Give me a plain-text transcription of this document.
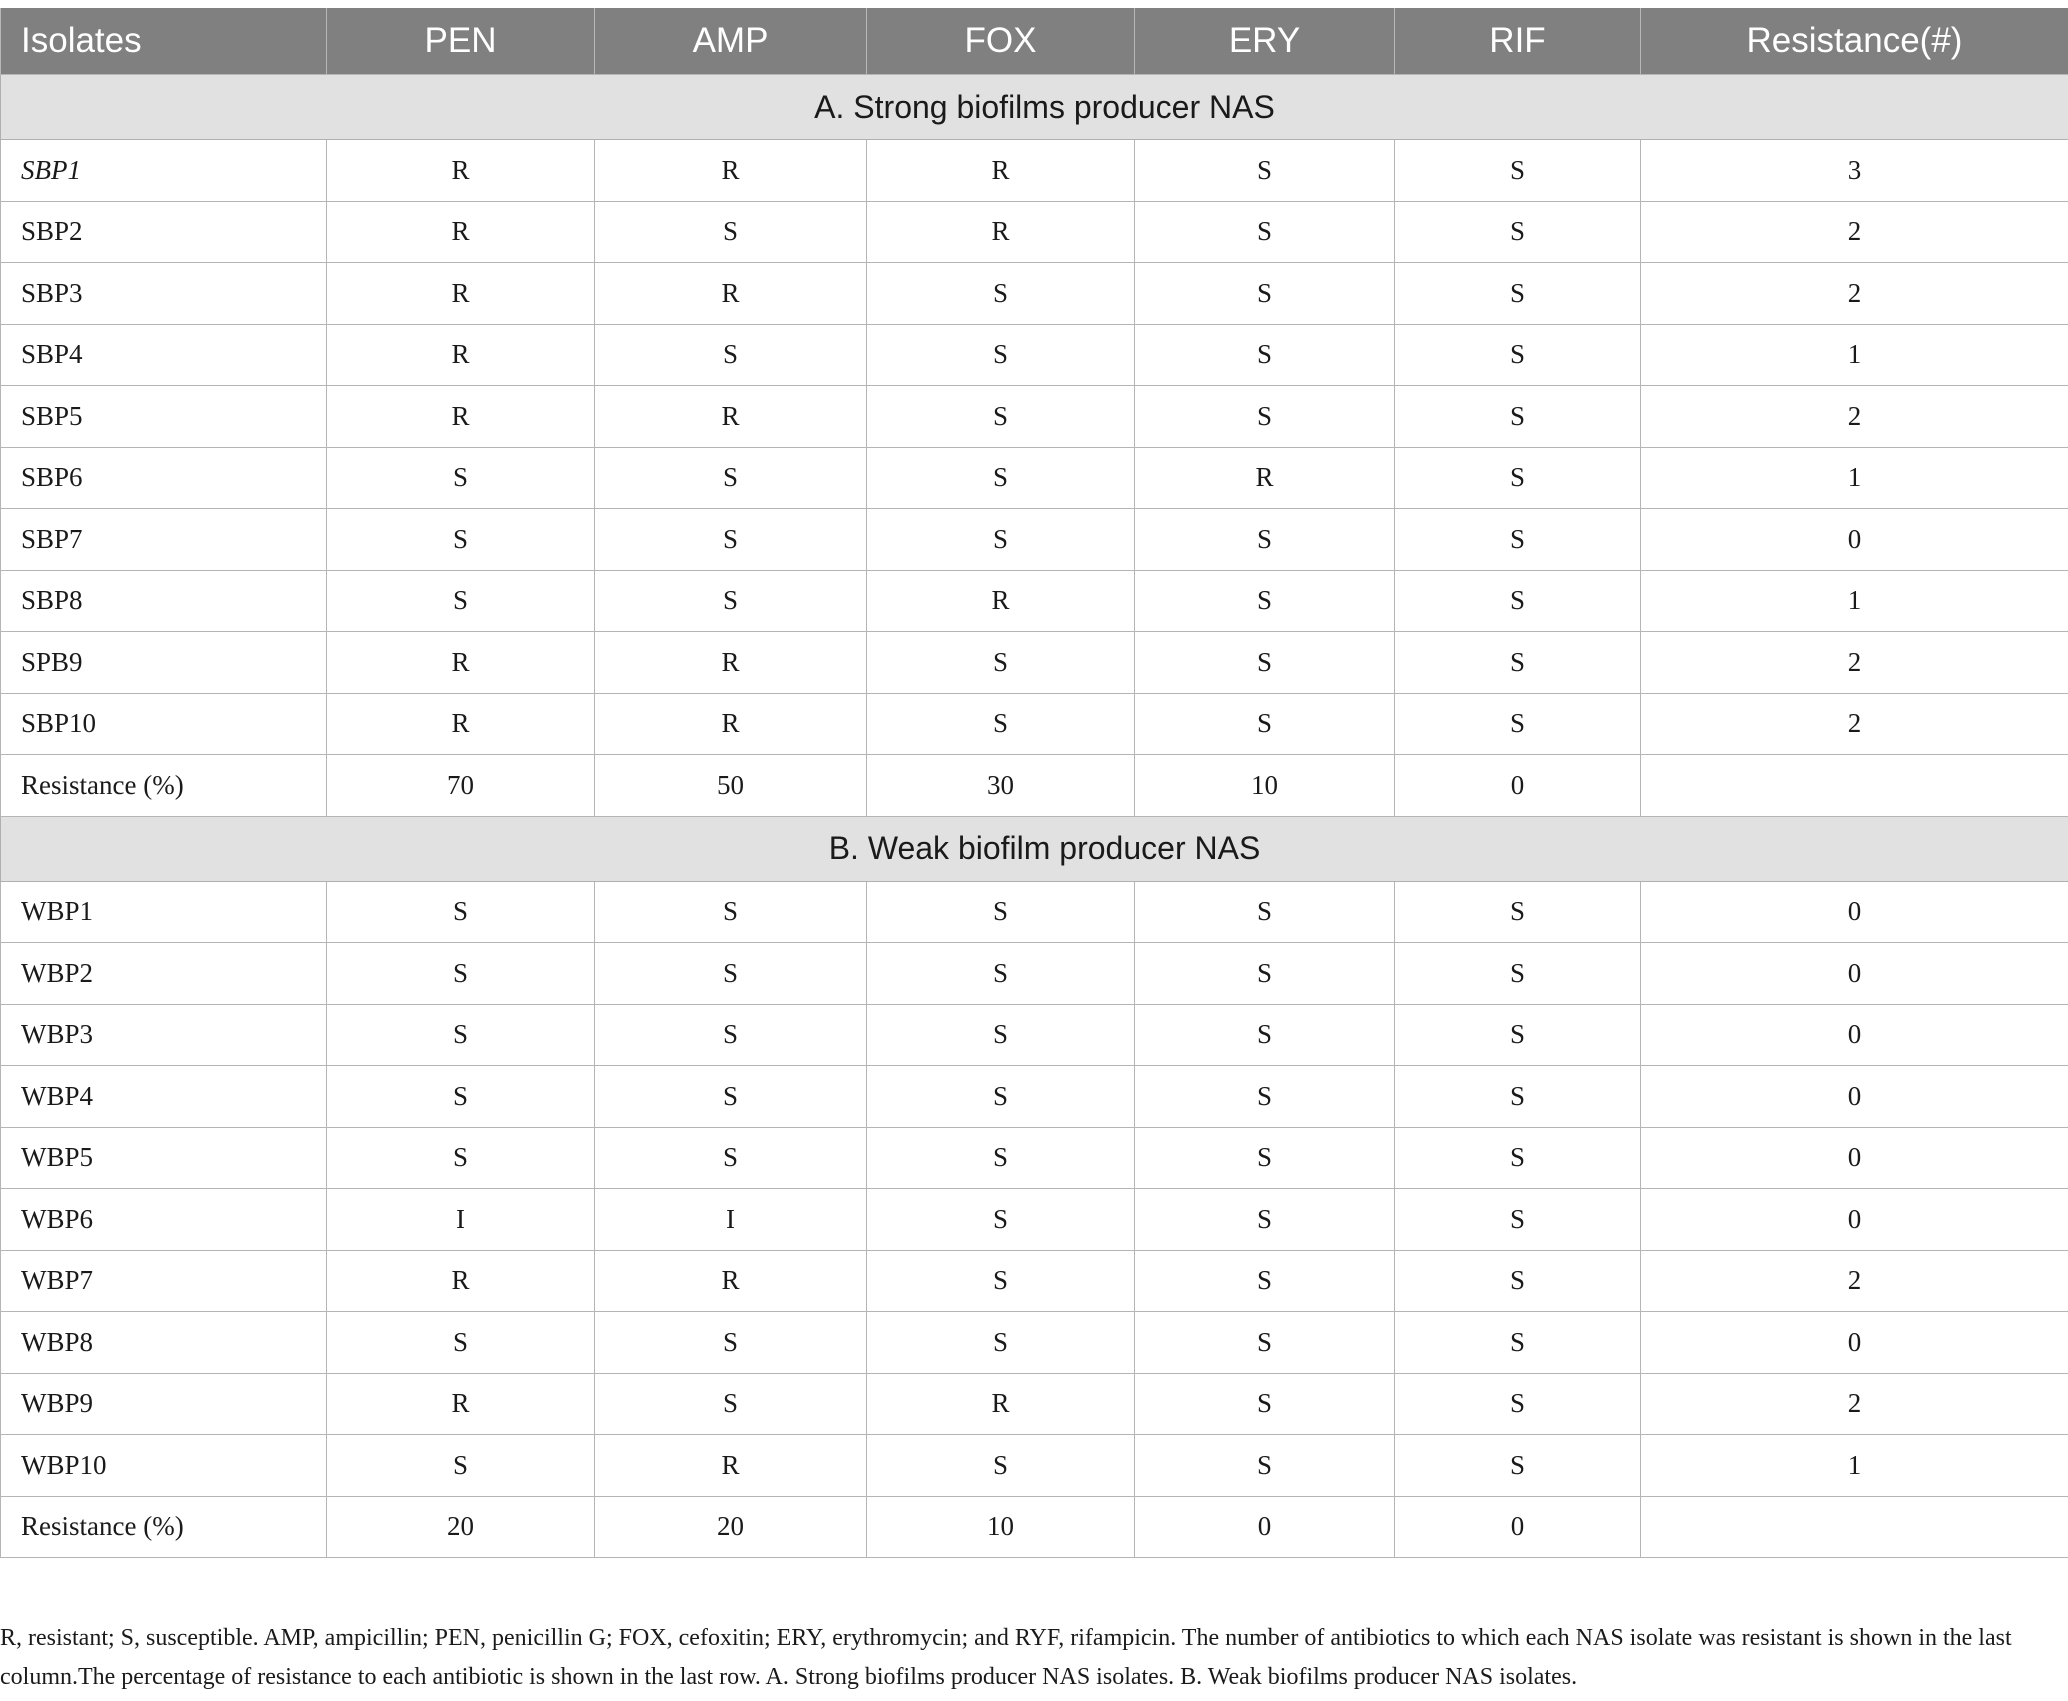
Isolates	PEN	AMP	FOX	ERY	RIF	Resistance(#)
A. Strong biofilms producer NAS						
SBP1	R	R	R	S	S	3
SBP2	R	S	R	S	S	2
SBP3	R	R	S	S	S	2
SBP4	R	S	S	S	S	1
SBP5	R	R	S	S	S	2
SBP6	S	S	S	R	S	1
SBP7	S	S	S	S	S	0
SBP8	S	S	R	S	S	1
SPB9	R	R	S	S	S	2
SBP10	R	R	S	S	S	2
Resistance (%)	70	50	30	10	0	
B. Weak biofilm producer NAS						
WBP1	S	S	S	S	S	0
WBP2	S	S	S	S	S	0
WBP3	S	S	S	S	S	0
WBP4	S	S	S	S	S	0
WBP5	S	S	S	S	S	0
WBP6	I	I	S	S	S	0
WBP7	R	R	S	S	S	2
WBP8	S	S	S	S	S	0
WBP9	R	S	R	S	S	2
WBP10	S	R	S	S	S	1
Resistance (%)	20	20	10	0	0	

R, resistant; S, susceptible. AMP, ampicillin; PEN, penicillin G; FOX, cefoxitin; ERY, erythromycin; and RYF, rifampicin. The number of antibiotics to which each NAS isolate was resistant is shown in the last column.The percentage of resistance to each antibiotic is shown in the last row. A. Strong biofilms producer NAS isolates. B. Weak biofilms producer NAS isolates.
